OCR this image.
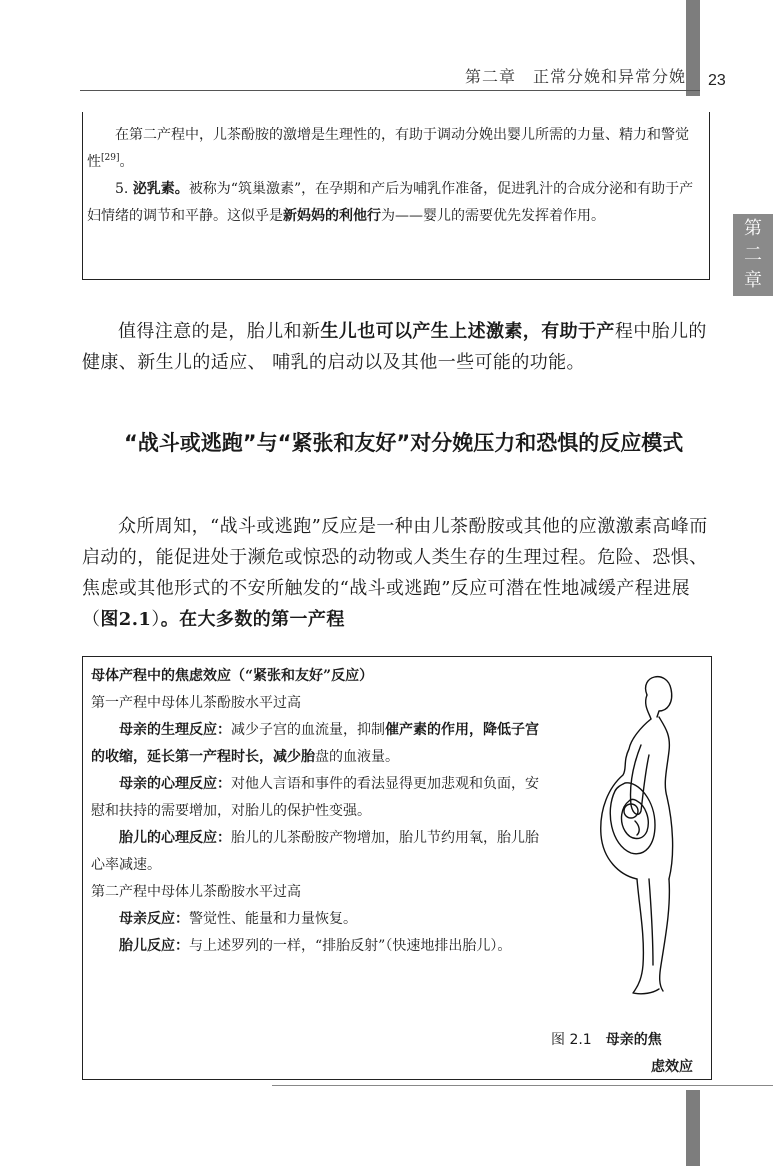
第二章　正常分娩和异常分娩 23
第
二
章

在第二产程中，儿茶酚胺的激增是生理性的，有助于调动分娩出婴儿所需的力量、精力和警觉性[29]。

5. 泌乳素。被称为“筑巢激素”，在孕期和产后为哺乳作准备，促进乳汁的合成分泌和有助于产妇情绪的调节和平静。这似乎是新妈妈的利他行为——婴儿的需要优先发挥着作用。

值得注意的是，胎儿和新生儿也可以产生上述激素，有助于产程中胎儿的健康、新生儿的适应、 哺乳的启动以及其他一些可能的功能。

“战斗或逃跑”与“紧张和友好”对分娩压力和恐惧的反应模式

众所周知，“战斗或逃跑”反应是一种由儿茶酚胺或其他的应激激素高峰而启动的，能促进处于濒危或惊恐的动物或人类生存的生理过程。危险、恐惧、焦虑或其他形式的不安所触发的“战斗或逃跑”反应可潜在性地减缓产程进展（图2.1）。在大多数的第一产程

母体产程中的焦虑效应（“紧张和友好”反应）

第一产程中母体儿茶酚胺水平过高

母亲的生理反应：减少子宫的血流量，抑制催产素的作用，降低子宫的收缩，延长第一产程时长，减少胎盘的血液量。

母亲的心理反应：对他人言语和事件的看法显得更加悲观和负面，安慰和扶持的需要增加，对胎儿的保护性变强。

胎儿的心理反应：胎儿的儿茶酚胺产物增加，胎儿节约用氧，胎儿胎心率减速。

第二产程中母体儿茶酚胺水平过高

母亲反应：警觉性、能量和力量恢复。

胎儿反应：与上述罗列的一样，“排胎反射”（快速地排出胎儿）。

图 2.1　母亲的焦
虑效应
